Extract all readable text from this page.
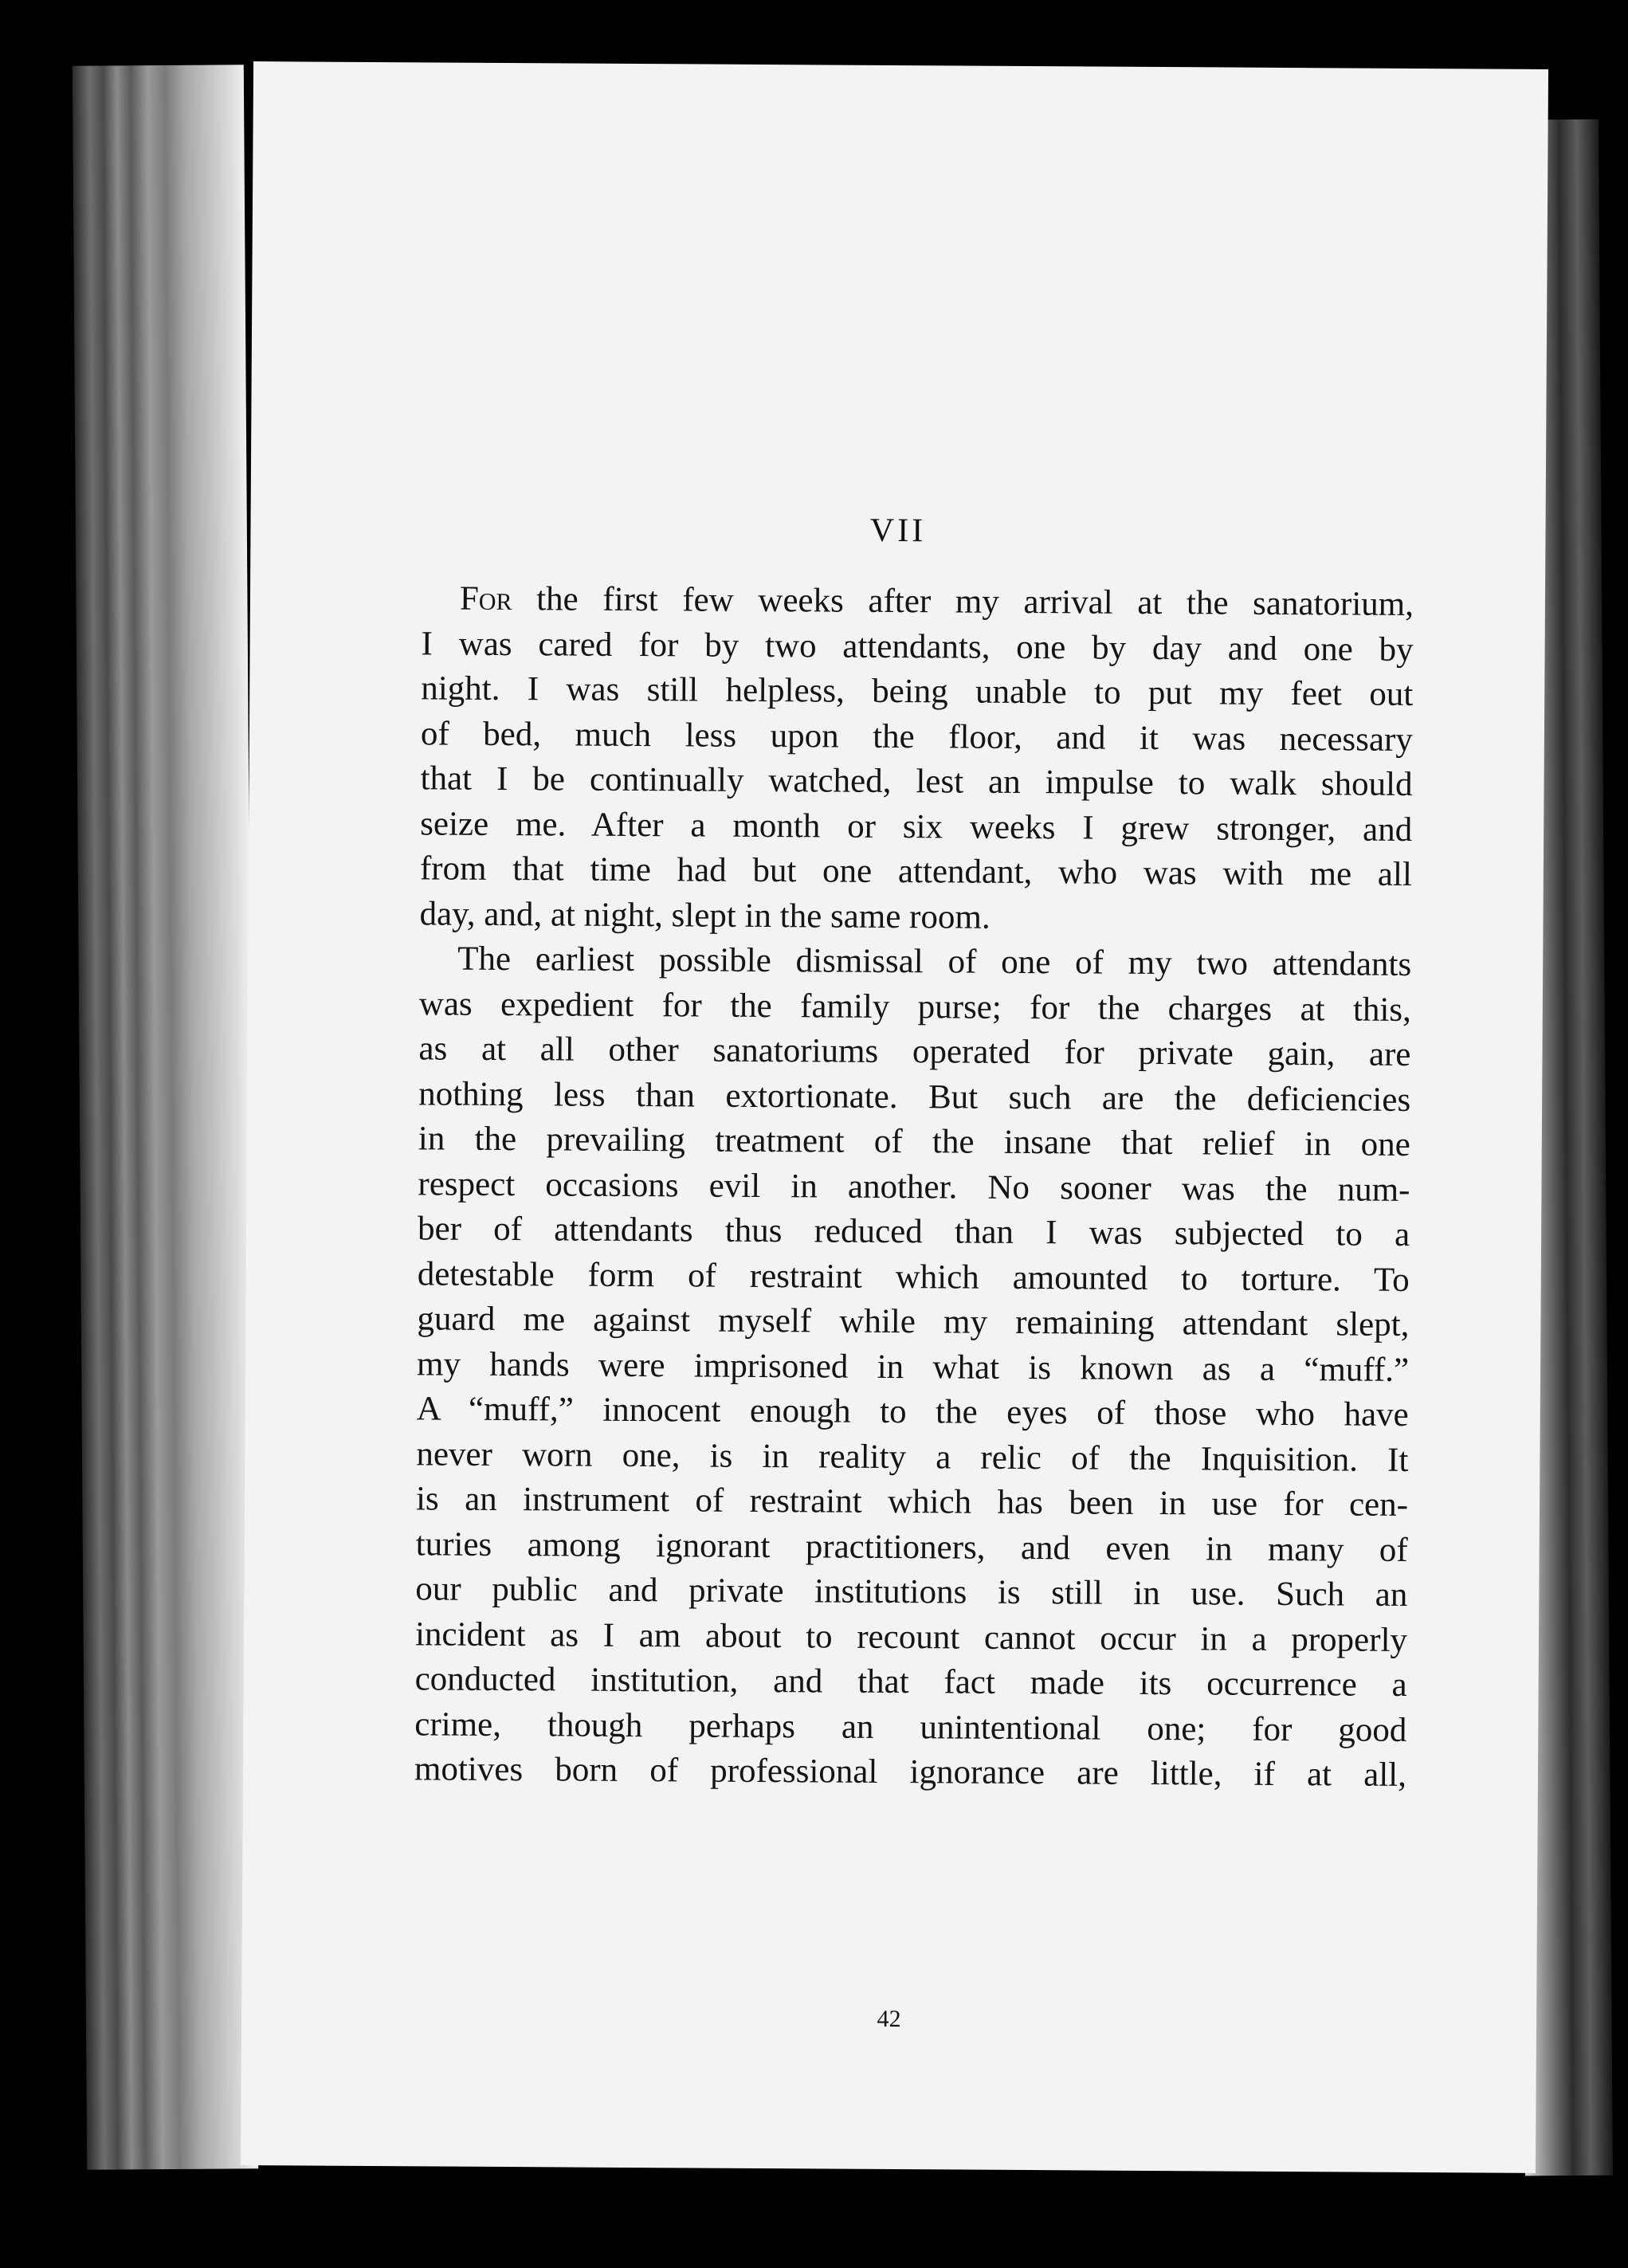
VII
For the first few weeks after my arrival at the sanatorium,
I was cared for by two attendants, one by day and one by
night. I was still helpless, being unable to put my feet out
of bed, much less upon the floor, and it was necessary
that I be continually watched, lest an impulse to walk should
seize me. After a month or six weeks I grew stronger, and
from that time had but one attendant, who was with me all
day, and, at night, slept in the same room.
The earliest possible dismissal of one of my two attendants
was expedient for the family purse; for the charges at this,
as at all other sanatoriums operated for private gain, are
nothing less than extortionate. But such are the deficiencies
in the prevailing treatment of the insane that relief in one
respect occasions evil in another. No sooner was the num-
ber of attendants thus reduced than I was subjected to a
detestable form of restraint which amounted to torture. To
guard me against myself while my remaining attendant slept,
my hands were imprisoned in what is known as a “muff.”
A “muff,” innocent enough to the eyes of those who have
never worn one, is in reality a relic of the Inquisition. It
is an instrument of restraint which has been in use for cen-
turies among ignorant practitioners, and even in many of
our public and private institutions is still in use. Such an
incident as I am about to recount cannot occur in a properly
conducted institution, and that fact made its occurrence a
crime, though perhaps an unintentional one; for good
motives born of professional ignorance are little, if at all,
42
